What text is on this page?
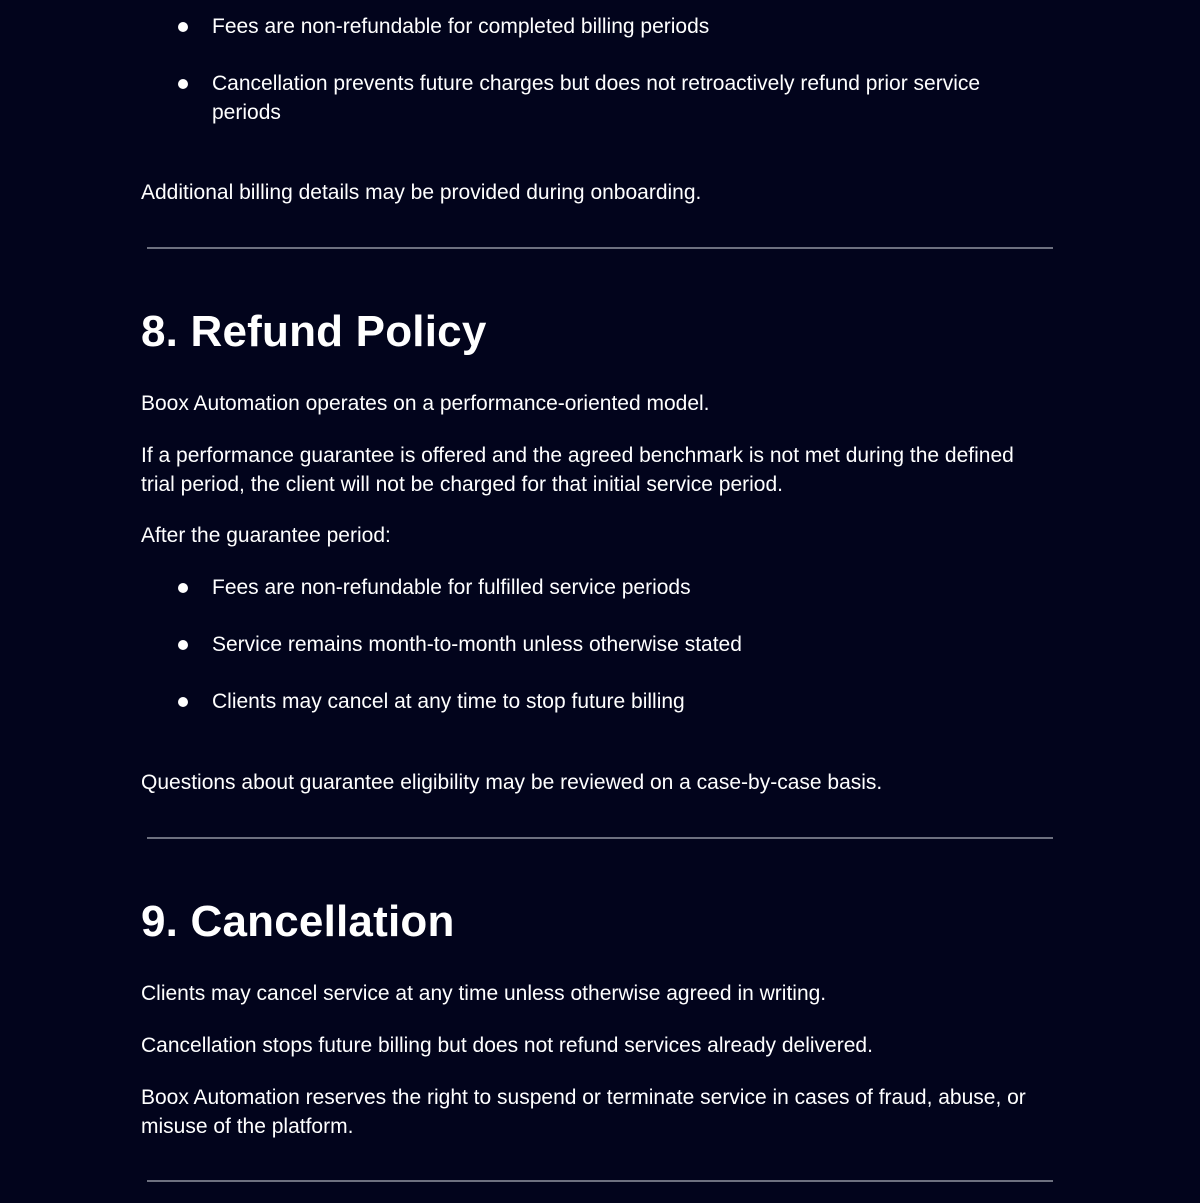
Fees are non-refundable for completed billing periods
Cancellation prevents future charges but does not retroactively refund prior service periods

Additional billing details may be provided during onboarding.

8. Refund Policy

Boox Automation operates on a performance-oriented model.

If a performance guarantee is offered and the agreed benchmark is not met during the defined trial period, the client will not be charged for that initial service period.

After the guarantee period:

Fees are non-refundable for fulfilled service periods
Service remains month-to-month unless otherwise stated
Clients may cancel at any time to stop future billing

Questions about guarantee eligibility may be reviewed on a case-by-case basis.

9. Cancellation

Clients may cancel service at any time unless otherwise agreed in writing.

Cancellation stops future billing but does not refund services already delivered.

Boox Automation reserves the right to suspend or terminate service in cases of fraud, abuse, or misuse of the platform.
